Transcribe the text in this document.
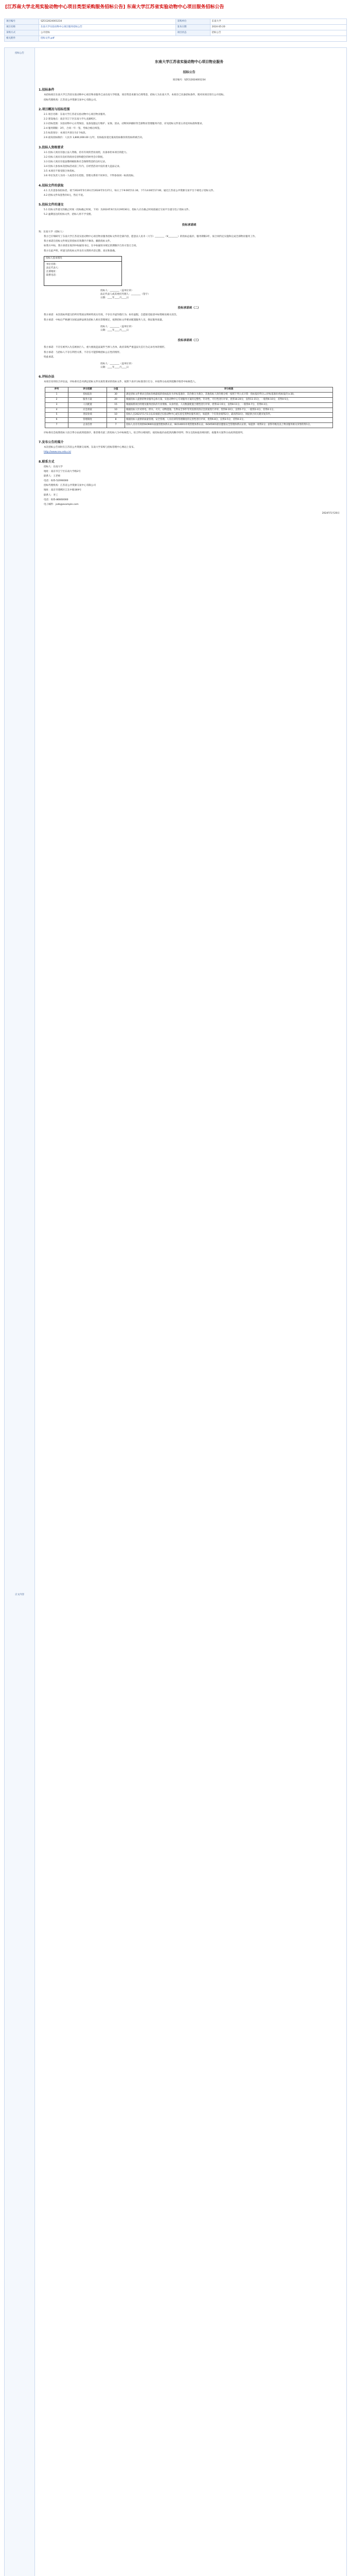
[江苏南大学北苑实验动物中心项目类型采购服务招标公告] 东南大学江苏省实验动物中心项目服务招标公告
项目编号	SZCG2024001234	采购单位	东南大学
项目名称	东南大学实验动物中心项目服务招标公告	发布日期	2024-05-20
采购方式	公开招标	项目状态	招标公告
相关附件	招标文件.pdf		
招标公告
正文内容
东南大学江苏省实验动物中心项目物业服务
招标公告
项目编号：SZCG2024001234
1.招标条件
本招标项目东南大学江苏省实验动物中心项目物业服务已由东南大学批准，项目资金来源为自筹资金，招标人为东南大学。本项目已具备招标条件，现对该项目进行公开招标。
招标代理机构：江苏省公共资源交易中心有限公司。
2.项目概况与招标范围
2.1 项目名称：东南大学江苏省实验动物中心项目物业服务。
2.2 建设地点：南京市江宁区东南大学九龙湖校区。
2.3 招标范围：实验动物中心日常保洁、设备设施运行维护、安保、消杀、动物饲养辅助等全部物业管理服务内容，详见招标文件第五章技术标准和要求。
2.4 服务期限：3年，合同一年一签，考核合格后续签。
2.5 标段划分：本项目共划分为1个标段。
2.6 最高投标限价：人民币 3,800,000.00 元/年，投标报价超过最高投标限价的投标将被否决。
3.投标人资格要求
3.1 投标人须具有独立法人资格，持有有效的营业执照，具备承担本项目的能力。
3.2 投标人须具有良好的商业信誉和健全的财务会计制度。
3.3 投标人须具有依法缴纳税收和社会保障资金的良好记录。
3.4 投标人参加本次招标活动前三年内，在经营活动中没有重大违法记录。
3.5 本项目不接受联合体投标。
3.6 单位负责人为同一人或者存在控股、管理关系的不同单位，不得参加同一标段投标。
4.招标文件的获取
4.1 凡有意参加投标者，请于2024年5月20日至2024年5月27日，每日上午9:00至11:30，下午14:00至17:00，通过江苏省公共资源交易平台下载电子招标文件。
4.2 招标文件每套售价0元，售后不退。
5.投标文件的递交
5.1 投标文件递交的截止时间（投标截止时间，下同）为2024年6月12日9时30分，投标人应在截止时间前通过交易平台递交电子投标文件。
5.2 逾期送达的投标文件，招标人将不予受理。
投标承诺函
致：东南大学（招标人）
我方已仔细研究了东南大学江苏省实验动物中心项目物业服务招标文件的全部内容，愿意以人民币（大写）________（¥________）的投标总报价，服务期限3年，按合同约定实施和完成全部物业服务工作。
我方承诺在招标文件规定的投标有效期内不修改、撤销投标文件。
如我方中标，我方承诺在收到中标通知书后，在中标通知书规定的期限内与你方签订合同。
我方在此声明，所递交的投标文件及有关资料内容完整、真实和准确。
投标人基本情况
单位名称：
法定代表人：
注册地址：
联系电话：
投标人：________（盖单位章）
法定代表人或其委托代理人：________（签字）
日期：____年____月____日
投标承诺函（二）
我方承诺：本次投标所提交的所有资质证明材料真实有效，不存在弄虚作假行为；如有虚假，自愿接受取消中标资格及相关处罚。
我方承诺：中标后严格遵守国家法律法规及招标人相关管理规定，按照招标文件要求配置服务人员，保证服务质量。
投标人：________（盖单位章）
日期：____年____月____日
投标承诺函（三）
我方承诺：不存在被列入失信被执行人、重大税收违法案件当事人名单、政府采购严重违法失信行为记录名单的情形。
我方承诺：与招标人不存在利害关系，不存在可能影响招标公正性的情形。
特此承诺。
投标人：________（盖单位章）
日期：____年____月____日
6.评标办法
本项目采用综合评估法，评标委员会对满足招标文件实质性要求的投标文件，按照下表评分标准进行打分，并按得分由高到低顺序推荐中标候选人。
序号	评分因素	分值	评分标准
1	投标报价	30	满足招标文件要求且投标价格最低的投标报价为评标基准价，其价格分为满分。其他投标人的价格分统一按照下列公式计算：投标报价得分=(评标基准价/投标报价)×30。
2	服务方案	20	根据投标人提供的物业服务总体方案、实验动物中心专项服务方案的完整性、针对性、可行性进行评审，优得16-20分，良得11-15分，一般得6-10分，差得0-5分。
3	人员配置	15	根据拟派项目经理及服务团队的专业资格、从业经验、人员数量配置合理性进行评审，优得12-15分，良得8-11分，一般得4-7分，差得0-3分。
4	应急预案	10	根据投标人针对停电、停水、火灾、动物逃逸、生物安全事件等突发情况的应急预案进行评审，优得8-10分，良得5-7分，一般得2-4分，差得0-1分。
5	类似业绩	10	投标人自2021年1月1日以来承接过实验动物中心或实验室类物业服务项目，每提供一个有效业绩得2分，最高得10分。须提供合同关键页复印件。
6	管理制度	8	根据投标人提供的质量管理、安全管理、人员培训等管理制度的完善性进行评审，优得6-8分，良得3-5分，差得0-2分。
7	企业信誉	7	投标人具有有效的ISO9001质量管理体系认证、ISO14001环境管理体系认证、ISO45001职业健康安全管理体系认证的，每提供一项得2分；获得市级及以上物业服务相关荣誉的得1分。
评标委员会按照投标人综合得分由高到低排序，推荐排名前三的投标人为中标候选人。综合得分相同的，按投标报价由低到高顺序排列；得分且投标报价相同的，按服务方案得分由高到低排列。
7.发布公告的媒介
本次招标公告同时在江苏省公共资源交易网、东南大学采购与招标管理中心网站上发布。
http://www.seu.edu.cn/
8.联系方式
招标人：东南大学
地址：南京市江宁区东南大学路2号
联系人：王老师
电话：025-52090000
招标代理机构：江苏省公共资源交易中心有限公司
地址：南京市建邺区江东中路369号
联系人：李工
电话：025-86660000
电子邮件：jszb@example.com
2024年5月20日
